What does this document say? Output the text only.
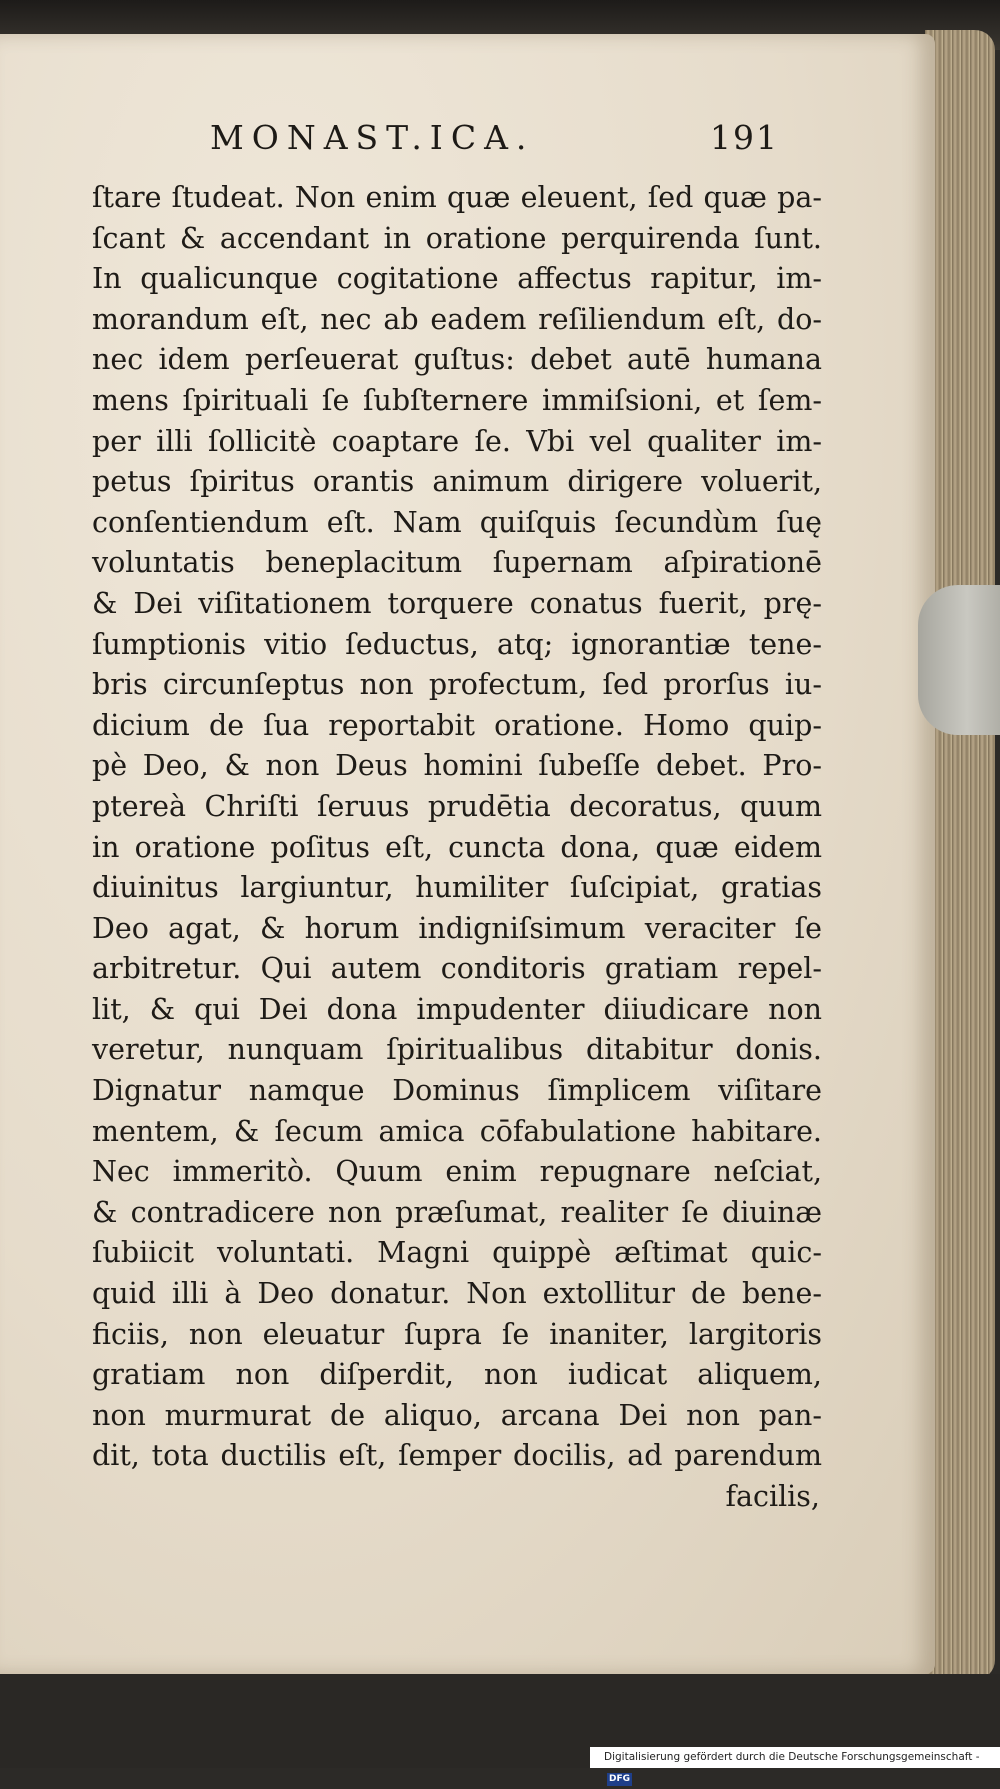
MONAST.ICA.	191
ſtare ſtudeat. Non enim quæ eleuent, ſed quæ pa-
ſcant & accendant in oratione perquirenda ſunt.
In qualicunque cogitatione affectus rapitur, im-
morandum eſt, nec ab eadem reſiliendum eſt, do-
nec idem perſeuerat guſtus: debet autē humana
mens ſpirituali ſe ſubſternere immiſsioni, et ſem-
per illi ſollicitè coaptare ſe. Vbi vel qualiter im-
petus ſpiritus orantis animum dirigere voluerit,
conſentiendum eſt. Nam quiſquis ſecundùm ſuę
voluntatis beneplacitum ſupernam aſpirationē
& Dei viſitationem torquere conatus fuerit, prę-
ſumptionis vitio ſeductus, atq; ignorantiæ tene-
bris circunſeptus non profectum, ſed prorſus iu-
dicium de ſua reportabit oratione. Homo quip-
pè Deo, & non Deus homini ſubeſſe debet. Pro-
ptereà Chriſti ſeruus prudētia decoratus, quum
in oratione poſitus eſt, cuncta dona, quæ eidem
diuinitus largiuntur, humiliter ſuſcipiat, gratias
Deo agat, & horum indigniſsimum veraciter ſe
arbitretur. Qui autem conditoris gratiam repel-
lit, & qui Dei dona impudenter diiudicare non
veretur, nunquam ſpiritualibus ditabitur donis.
Dignatur namque Dominus ſimplicem viſitare
mentem, & ſecum amica cōfabulatione habitare.
Nec immeritò. Quum enim repugnare neſciat,
& contradicere non præſumat, realiter ſe diuinæ
ſubiicit voluntati. Magni quippè æſtimat quic-
quid illi à Deo donatur. Non extollitur de bene-
ficiis, non eleuatur ſupra ſe inaniter, largitoris
gratiam non diſperdit, non iudicat aliquem,
non murmurat de aliquo, arcana Dei non pan-
dit, tota ductilis eſt, ſemper docilis, ad parendum
facilis,
Digitalisierung gefördert durch die Deutsche Forschungsgemeinschaft - DFG
